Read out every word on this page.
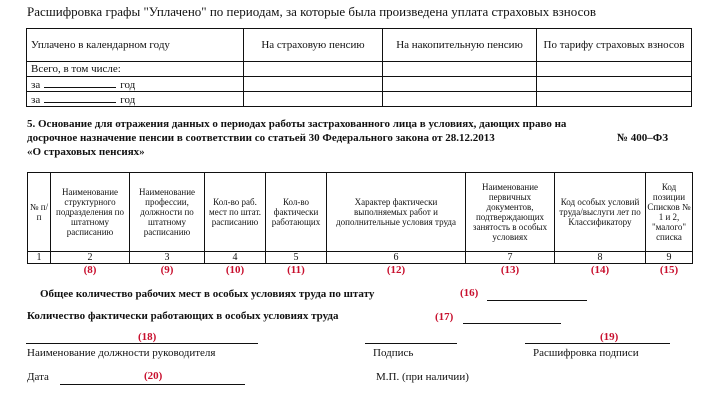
Расшифровка графы "Уплачено" по периодам, за которые была произведена уплата страховых взносов
Уплачено в календарном году	На страховую пенсию	На накопительную пенсию	По тарифу страховых взносов
Всего, в том числе:			
за год			
за год			
5. Основание для отражения данных о периодах работы застрахованного лица в условиях, дающих право на
досрочное назначение пенсии в соответствии со статьей 30 Федерального закона от 28.12.2013	№ 400–ФЗ
«О страховых пенсиях»
№ п/п	Наименование структурного подразделения по штатному расписанию	Наименование профессии, должности по штатному расписанию	Кол-во раб. мест по штат. расписанию	Кол-во фактически работающих	Характер фактически выполняемых работ и дополнительные условия труда	Наименование первичных документов, подтверждающих занятость в особых условиях	Код особых условий труда/выслуги лет по Классификатору	Код позиции Списков № 1 и 2, "малого" списка
1	2	3	4	5	6	7	8	9
	(8)	(9)	(10)	(11)	(12)	(13)	(14)	(15)
Общее количество рабочих мест в особых условиях труда по штату	(16)
Количество фактически работающих в особых условиях труда	(17)
(18)	(19)
Наименование должности руководителя	Подпись	Расшифровка подписи
Дата	(20)	М.П. (при наличии)
